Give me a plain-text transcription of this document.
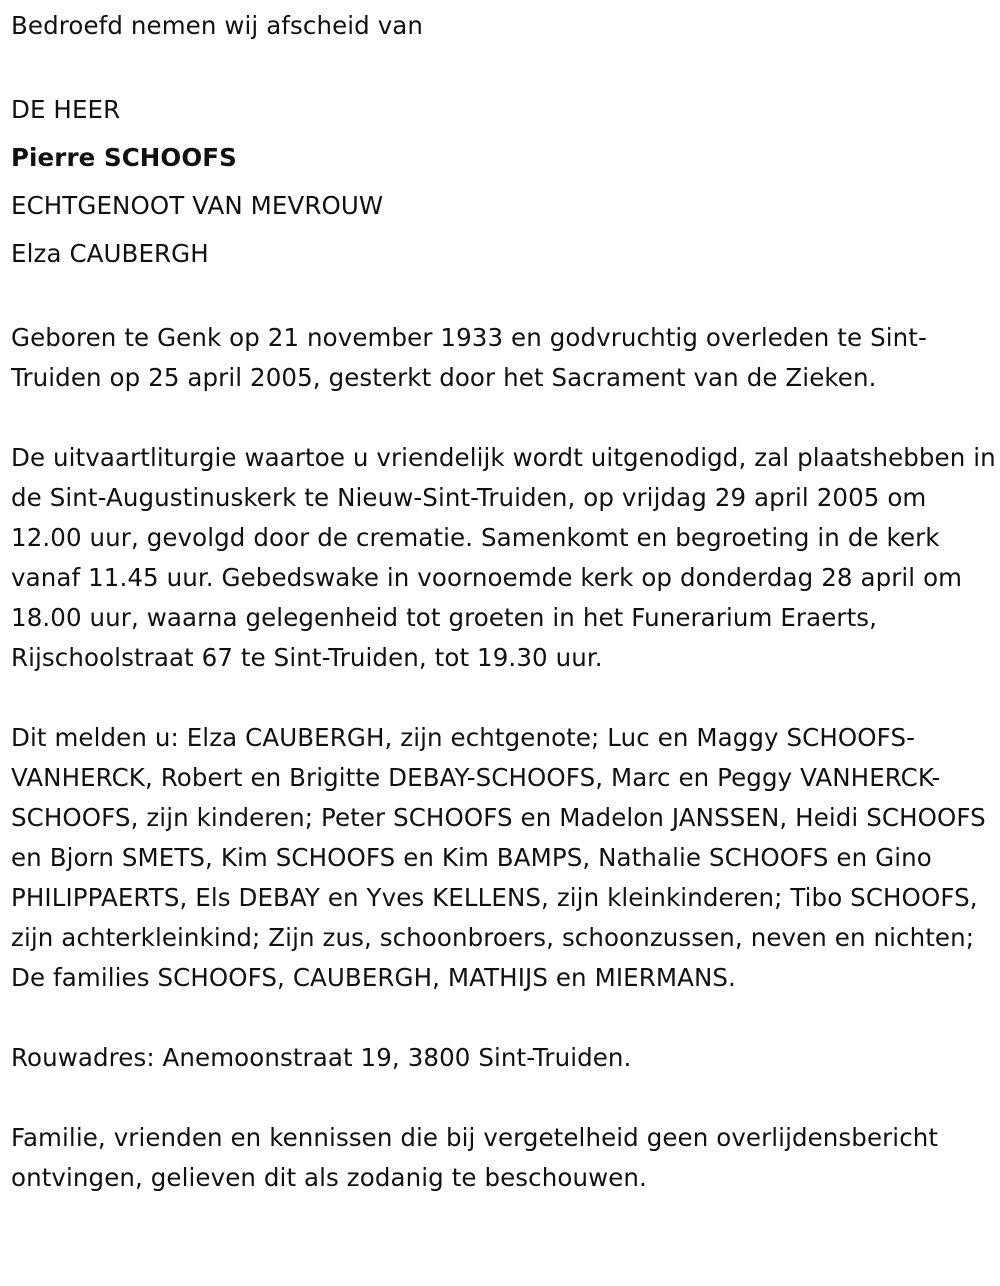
Bedroefd nemen wij afscheid van

DE HEER

Pierre SCHOOFS

ECHTGENOOT VAN MEVROUW

Elza CAUBERGH

Geboren te Genk op 21 november 1933 en godvruchtig overleden te Sint-Truiden op 25 april 2005, gesterkt door het Sacrament van de Zieken.

De uitvaartliturgie waartoe u vriendelijk wordt uitgenodigd, zal plaatshebben in de Sint-Augustinuskerk te Nieuw-Sint-Truiden, op vrijdag 29 april 2005 om 12.00 uur, gevolgd door de crematie. Samenkomt en begroeting in de kerk vanaf 11.45 uur. Gebedswake in voornoemde kerk op donderdag 28 april om 18.00 uur, waarna gelegenheid tot groeten in het Funerarium Eraerts, Rijschoolstraat 67 te Sint-Truiden, tot 19.30 uur.

Dit melden u: Elza CAUBERGH, zijn echtgenote; Luc en Maggy SCHOOFS-VANHERCK, Robert en Brigitte DEBAY-SCHOOFS, Marc en Peggy VANHERCK-SCHOOFS, zijn kinderen; Peter SCHOOFS en Madelon JANSSEN, Heidi SCHOOFS en Bjorn SMETS, Kim SCHOOFS en Kim BAMPS, Nathalie SCHOOFS en Gino PHILIPPAERTS, Els DEBAY en Yves KELLENS, zijn kleinkinderen; Tibo SCHOOFS, zijn achterkleinkind; Zijn zus, schoonbroers, schoonzussen, neven en nichten; De families SCHOOFS, CAUBERGH, MATHIJS en MIERMANS.

Rouwadres: Anemoonstraat 19, 3800 Sint-Truiden.

Familie, vrienden en kennissen die bij vergetelheid geen overlijdensbericht ontvingen, gelieven dit als zodanig te beschouwen.
